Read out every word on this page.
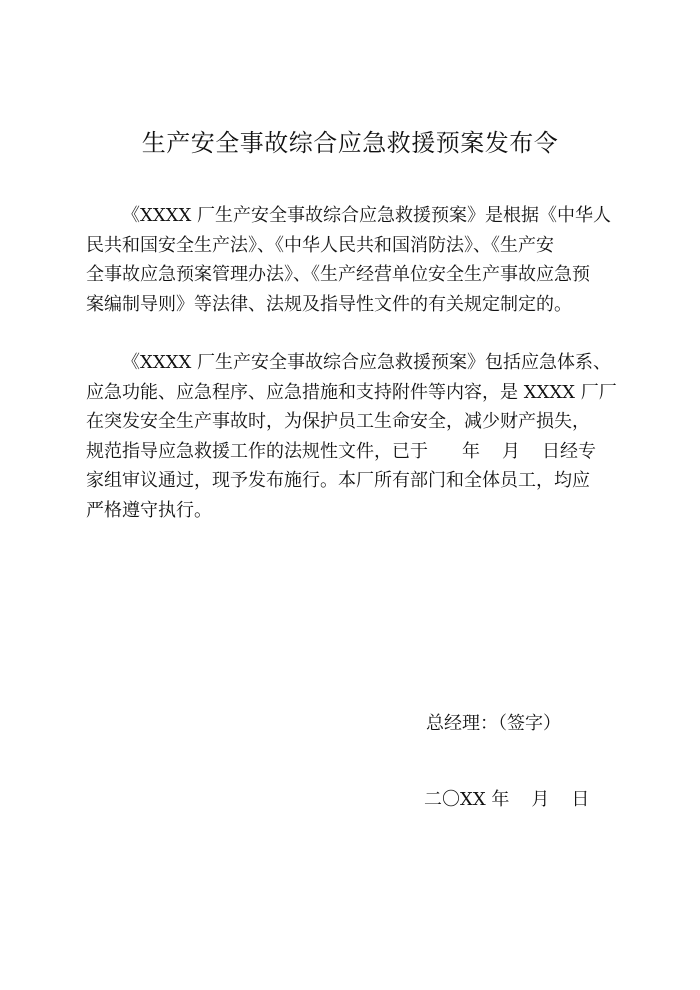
生产安全事故综合应急救援预案发布令
《XXXX 厂生产安全事故综合应急救援预案》是根据《中华人
民共和国安全生产法》、《中华人民共和国消防法》、《生产安
全事故应急预案管理办法》、《生产经营单位安全生产事故应急预
案编制导则》等法律、法规及指导性文件的有关规定制定的。
《XXXX 厂生产安全事故综合应急救援预案》包括应急体系、
应急功能、应急程序、应急措施和支持附件等内容，是 XXXX 厂厂
在突发安全生产事故时，为保护员工生命安全，减少财产损失，
规范指导应急救援工作的法规性文件，已于 年 月 日经专
家组审议通过，现予发布施行。本厂所有部门和全体员工，均应
严格遵守执行。
总经理：（签字）
二〇XX 年 月 日
